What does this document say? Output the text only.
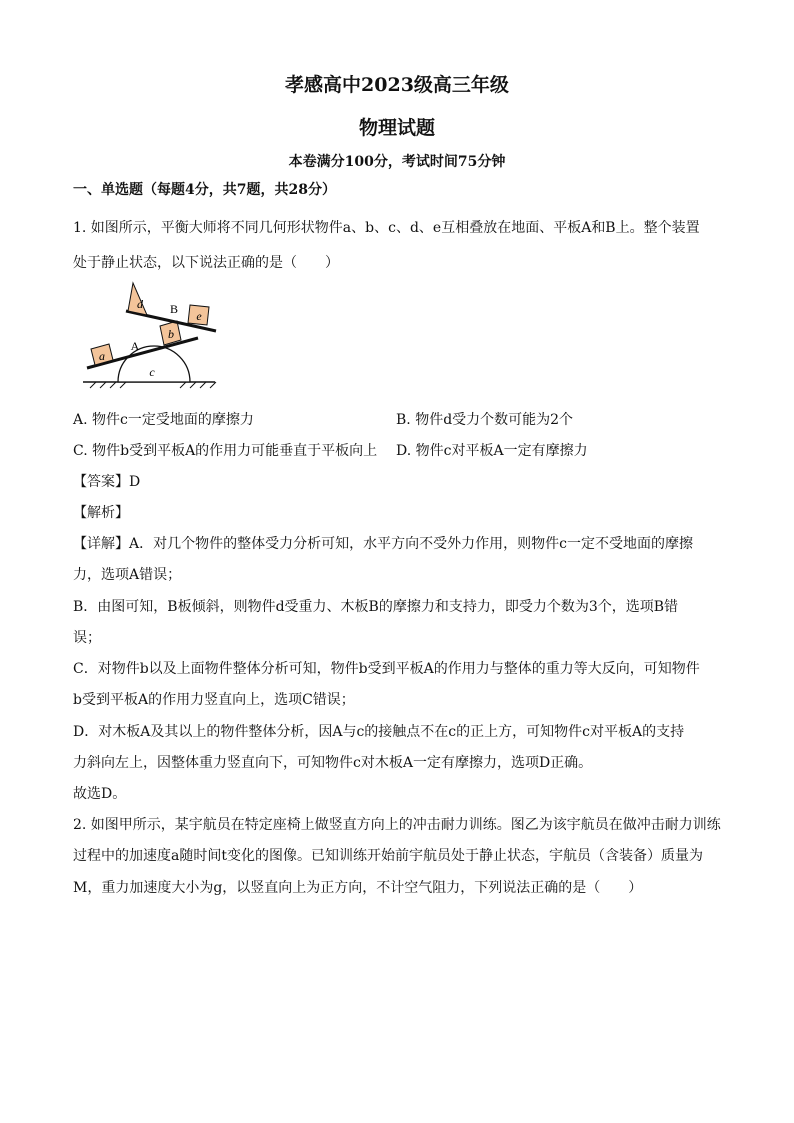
孝感高中2023级高三年级
物理试题
本卷满分100分，考试时间75分钟
一、单选题（每题4分，共7题，共28分）
1. 如图所示，平衡大师将不同几何形状物件a、b、c、d、e互相叠放在地面、平板A和B上。整个装置
处于静止状态，以下说法正确的是（　　）
c
A
a
b
B
d
e
A. 物件c一定受地面的摩擦力	B. 物件d受力个数可能为2个
C. 物件b受到平板A的作用力可能垂直于平板向上 D. 物件c对平板A一定有摩擦力
【答案】D
【解析】
【详解】A．对几个物件的整体受力分析可知，水平方向不受外力作用，则物件c一定不受地面的摩擦
力，选项A错误；
B．由图可知，B板倾斜，则物件d受重力、木板B的摩擦力和支持力，即受力个数为3个，选项B错
误；
C．对物件b以及上面物件整体分析可知，物件b受到平板A的作用力与整体的重力等大反向，可知物件
b受到平板A的作用力竖直向上，选项C错误；
D．对木板A及其以上的物件整体分析，因A与c的接触点不在c的正上方，可知物件c对平板A的支持
力斜向左上，因整体重力竖直向下，可知物件c对木板A一定有摩擦力，选项D正确。
故选D。
2. 如图甲所示，某宇航员在特定座椅上做竖直方向上的冲击耐力训练。图乙为该宇航员在做冲击耐力训练
过程中的加速度a随时间t变化的图像。已知训练开始前宇航员处于静止状态，宇航员（含装备）质量为
M，重力加速度大小为g，以竖直向上为正方向，不计空气阻力，下列说法正确的是（　　）
